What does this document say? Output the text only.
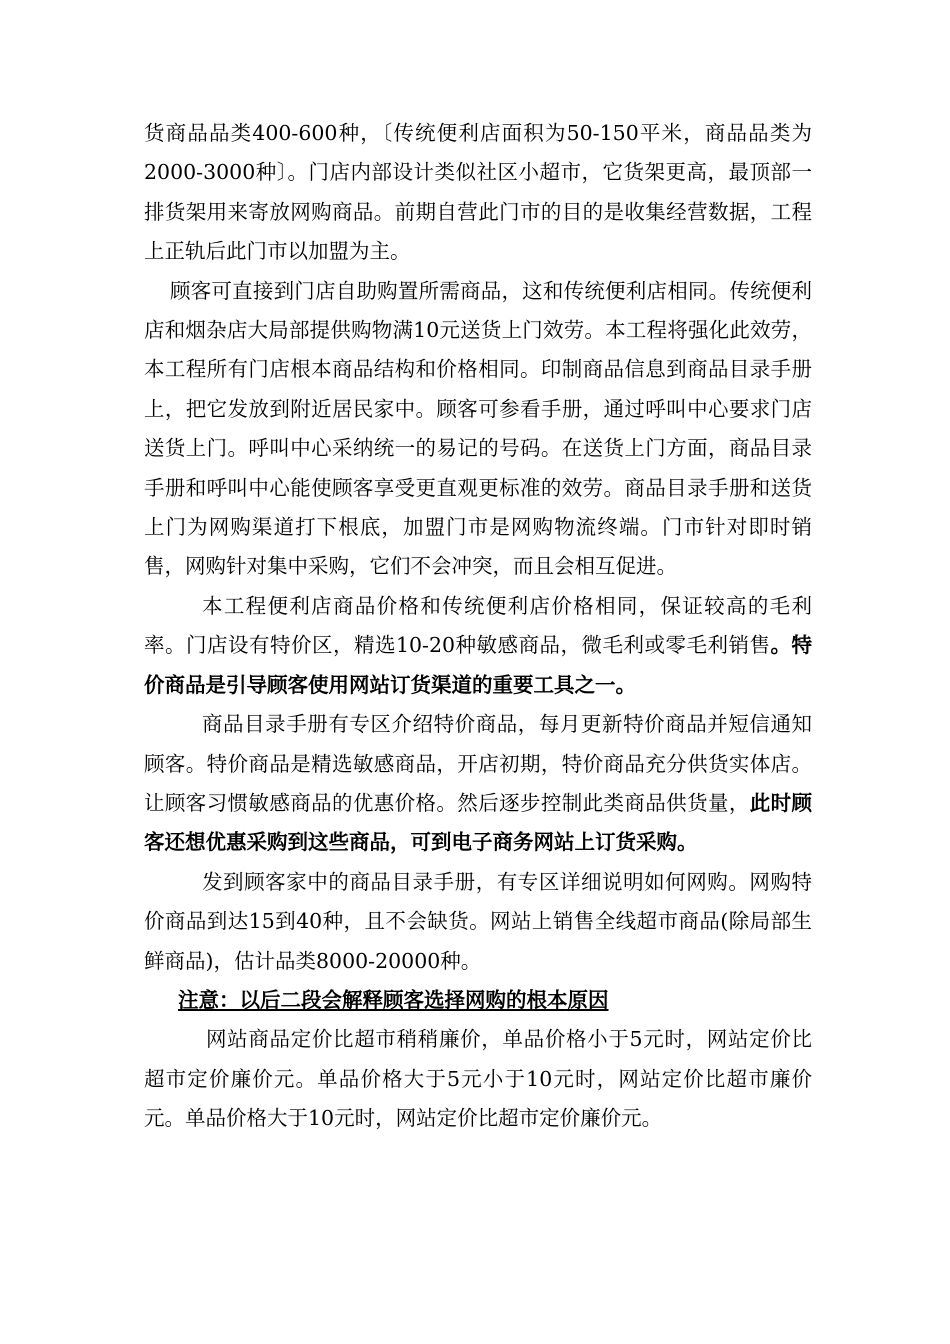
货商品品类400-600种，〔传统便利店面积为50-150平米，商品品类为2000-3000种〕。门店内部设计类似社区小超市，它货架更高，最顶部一排货架用来寄放网购商品。前期自营此门市的目的是收集经营数据，工程上正轨后此门市以加盟为主。

顾客可直接到门店自助购置所需商品，这和传统便利店相同。传统便利店和烟杂店大局部提供购物满10元送货上门效劳。本工程将强化此效劳，本工程所有门店根本商品结构和价格相同。印制商品信息到商品目录手册上，把它发放到附近居民家中。顾客可参看手册，通过呼叫中心要求门店送货上门。呼叫中心采纳统一的易记的号码。在送货上门方面，商品目录手册和呼叫中心能使顾客享受更直观更标准的效劳。商品目录手册和送货上门为网购渠道打下根底，加盟门市是网购物流终端。门市针对即时销售，网购针对集中采购，它们不会冲突，而且会相互促进。

本工程便利店商品价格和传统便利店价格相同，保证较高的毛利率。门店设有特价区，精选10-20种敏感商品，微毛利或零毛利销售。特价商品是引导顾客使用网站订货渠道的重要工具之一。

商品目录手册有专区介绍特价商品，每月更新特价商品并短信通知顾客。特价商品是精选敏感商品，开店初期，特价商品充分供货实体店。让顾客习惯敏感商品的优惠价格。然后逐步控制此类商品供货量，此时顾客还想优惠采购到这些商品，可到电子商务网站上订货采购。

发到顾客家中的商品目录手册，有专区详细说明如何网购。网购特价商品到达15到40种，且不会缺货。网站上销售全线超市商品(除局部生鲜商品)，估计品类8000-20000种。

注意：以后二段会解释顾客选择网购的根本原因

网站商品定价比超市稍稍廉价，单品价格小于5元时，网站定价比超市定价廉价元。单品价格大于5元小于10元时，网站定价比超市廉价元。单品价格大于10元时，网站定价比超市定价廉价元。
